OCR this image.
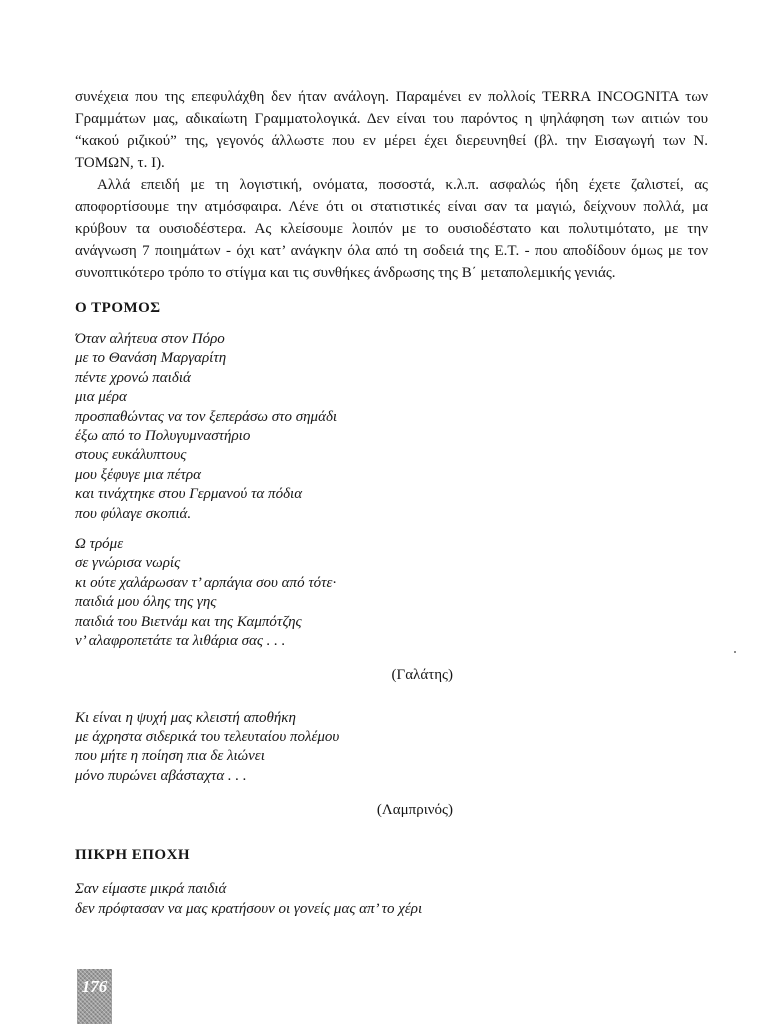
συνέχεια που της επεφυλάχθη δεν ήταν ανάλογη. Παραμένει εν πολλοίς TERRA INCOGNITA των Γραμμάτων μας, αδικαίωτη Γραμματολογικά. Δεν είναι του παρόντος η ψηλάφηση των αιτιών του “κακού ριζικού” της, γεγονός άλλωστε που εν μέρει έχει διερευνηθεί (βλ. την Εισαγωγή των Ν. ΤΟΜΩΝ, τ. Ι).

Αλλά επειδή με τη λογιστική, ονόματα, ποσοστά, κ.λ.π. ασφαλώς ήδη έχετε ζαλιστεί, ας αποφορτίσουμε την ατμόσφαιρα. Λένε ότι οι στατιστικές είναι σαν τα μαγιώ, δείχνουν πολλά, μα κρύβουν τα ουσιοδέστερα. Ας κλείσουμε λοιπόν με το ουσιοδέστατο και πολυτιμότατο, με την ανάγνωση 7 ποιημάτων - όχι κατ’ ανάγκην όλα από τη σοδειά της Ε.Τ. - που αποδίδουν όμως με τον συνοπτικότερο τρόπο το στίγμα και τις συνθήκες άνδρωσης της Β΄ μεταπολεμικής γενιάς.

Ο ΤΡΟΜΟΣ
Όταν αλήτευα στον Πόρο
με το Θανάση Μαργαρίτη
πέντε χρονώ παιδιά
μια μέρα
προσπαθώντας να τον ξεπεράσω στο σημάδι
έξω από το Πολυγυμναστήριο
στους ευκάλυπτους
μου ξέφυγε μια πέτρα
και τινάχτηκε στου Γερμανού τα πόδια
που φύλαγε σκοπιά.
Ω τρόμε
σε γνώρισα νωρίς
κι ούτε χαλάρωσαν τ’ αρπάγια σου από τότε·
παιδιά μου όλης της γης
παιδιά του Βιετνάμ και της Καμπότζης
ν’ αλαφροπετάτε τα λιθάρια σας . . .

(Γαλάτης)

Κι είναι η ψυχή μας κλειστή αποθήκη
με άχρηστα σιδερικά του τελευταίου πολέμου
που μήτε η ποίηση πια δε λιώνει
μόνο πυρώνει αβάσταχτα . . .

(Λαμπρινός)

ΠΙΚΡΗ ΕΠΟΧΗ
Σαν είμαστε μικρά παιδιά
δεν πρόφτασαν να μας κρατήσουν οι γονείς μας απ’ το χέρι
176
